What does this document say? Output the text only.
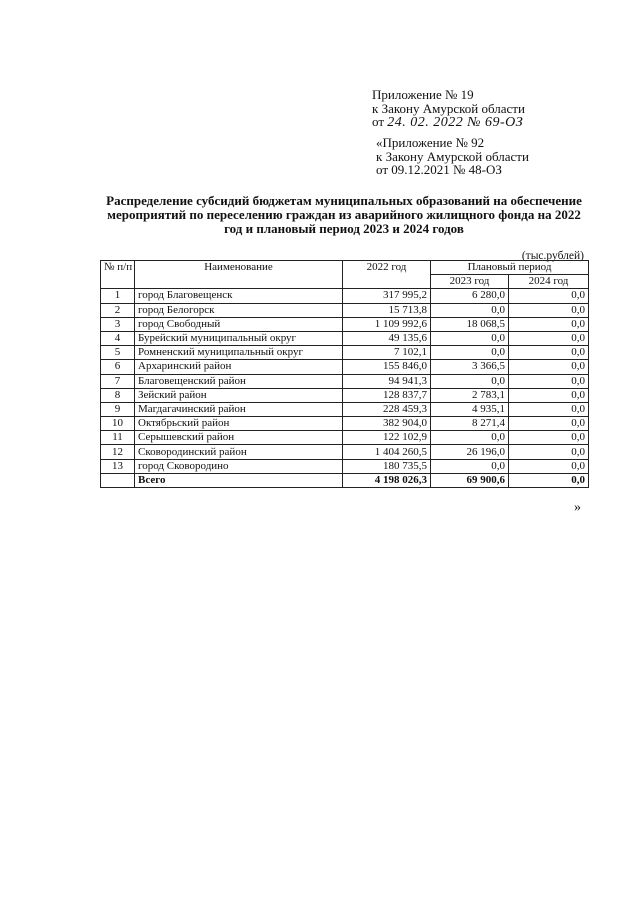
Приложение № 19
к Закону Амурской области
от 24. 02. 2022 № 69-ОЗ
«Приложение № 92
к Закону Амурской области
от 09.12.2021 № 48-ОЗ
Распределение субсидий бюджетам муниципальных образований на обеспечение мероприятий по переселению граждан из аварийного жилищного фонда на 2022 год и плановый период 2023 и 2024 годов
(тыс.рублей)
№ п/п	Наименование	2022 год	Плановый период	
			2023 год	2024 год
1	город Благовещенск	317 995,2	6 280,0	0,0
2	город Белогорск	15 713,8	0,0	0,0
3	город Свободный	1 109 992,6	18 068,5	0,0
4	Бурейский муниципальный округ	49 135,6	0,0	0,0
5	Ромненский муниципальный округ	7 102,1	0,0	0,0
6	Архаринский район	155 846,0	3 366,5	0,0
7	Благовещенский район	94 941,3	0,0	0,0
8	Зейский район	128 837,7	2 783,1	0,0
9	Магдагачинский район	228 459,3	4 935,1	0,0
10	Октябрьский район	382 904,0	8 271,4	0,0
11	Серышевский район	122 102,9	0,0	0,0
12	Сковородинский район	1 404 260,5	26 196,0	0,0
13	город Сковородино	180 735,5	0,0	0,0
	Всего	4 198 026,3	69 900,6	0,0
»
